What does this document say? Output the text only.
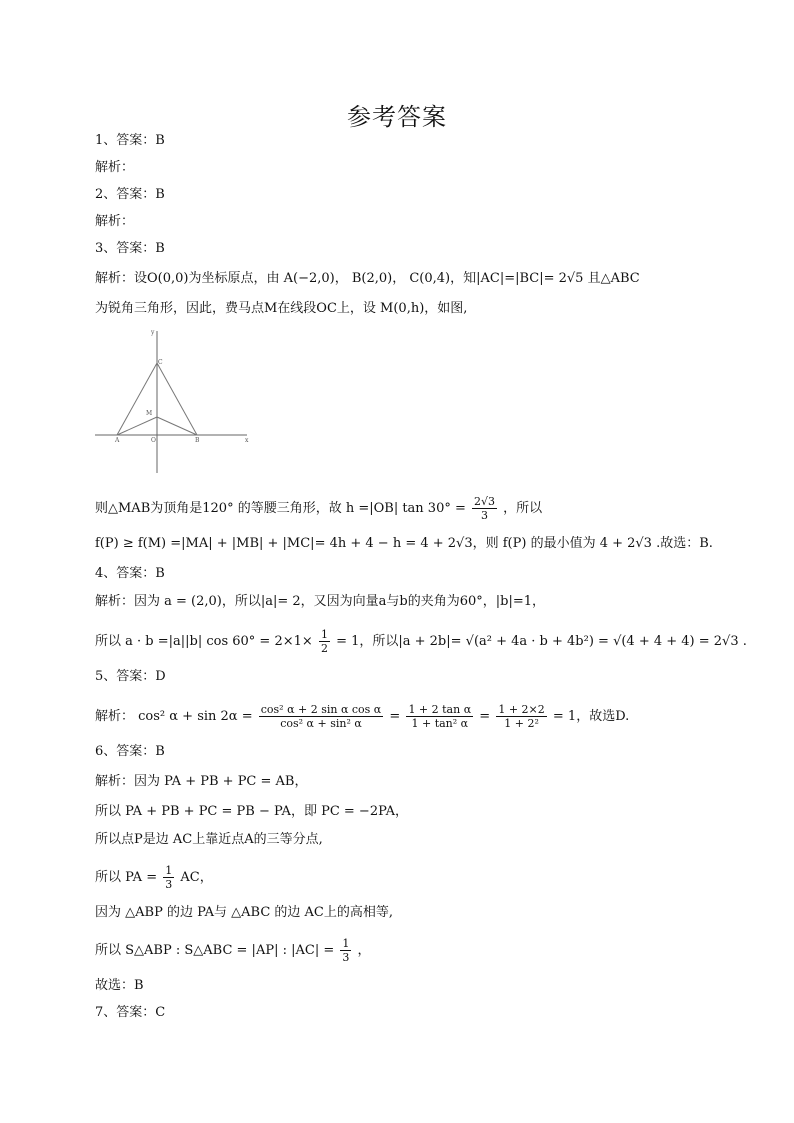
参考答案
1、答案：B
解析：
2、答案：B
解析：
3、答案：B
解析：设O(0,0)为坐标原点，由 A(−2,0)， B(2,0)， C(0,4)，知|AC|=|BC|= 2√5 且△ABC
为锐角三角形，因此，费马点M在线段OC上，设 M(0,h)，如图,
y
x
C
M
A	O	B
则△MAB为顶角是120° 的等腰三角形，故 h =|OB| $\tan 30^\circ = \frac{2√3}{3}$ ，所以
f(P) ≥ f(M) =|MA| + |MB| + |MC|= 4h + 4 − h = 4 + 2√3，则 f(P) 的最小值为 4 + 2√3 .故选：B.
4、答案：B
解析：因为 a = (2,0)，所以|a|= 2，又因为向量a与b的夹角为60°，|b|=1，
所以 a · b =|a||b| $\cos 60^\circ = 2\times 1\times \frac{1}{2} = 1$，所以|a + 2b|= √(a² + 4a · b + 4b²) = √(4 + 4 + 4) = 2√3 .
5、答案：D
解析： cos² $\alpha + \sin 2\alpha = \frac{\text{cos² α + 2 sin α cos α}}{\text{cos² α + sin² α}} = \frac{\text{1 + 2 tan α}}{\text{1 + tan² α}} = \frac{1 + 2\times 2}{\text{1 + 2²}} = 1$，故选D.
6、答案：B
解析：因为 PA + PB + PC = AB，
所以 PA + PB + PC = PB − PA，即 PC = −2PA，
所以点P是边 AC上靠近点A的三等分点,
所以 PA = $\frac{1}{3}$ AC，
因为 △ABP 的边 PA与 △ABC 的边 AC上的高相等,
所以 S△ABP : S△ABC = |AP| : $|AC| = \frac{1}{3}$ ，
故选：B
7、答案：C
